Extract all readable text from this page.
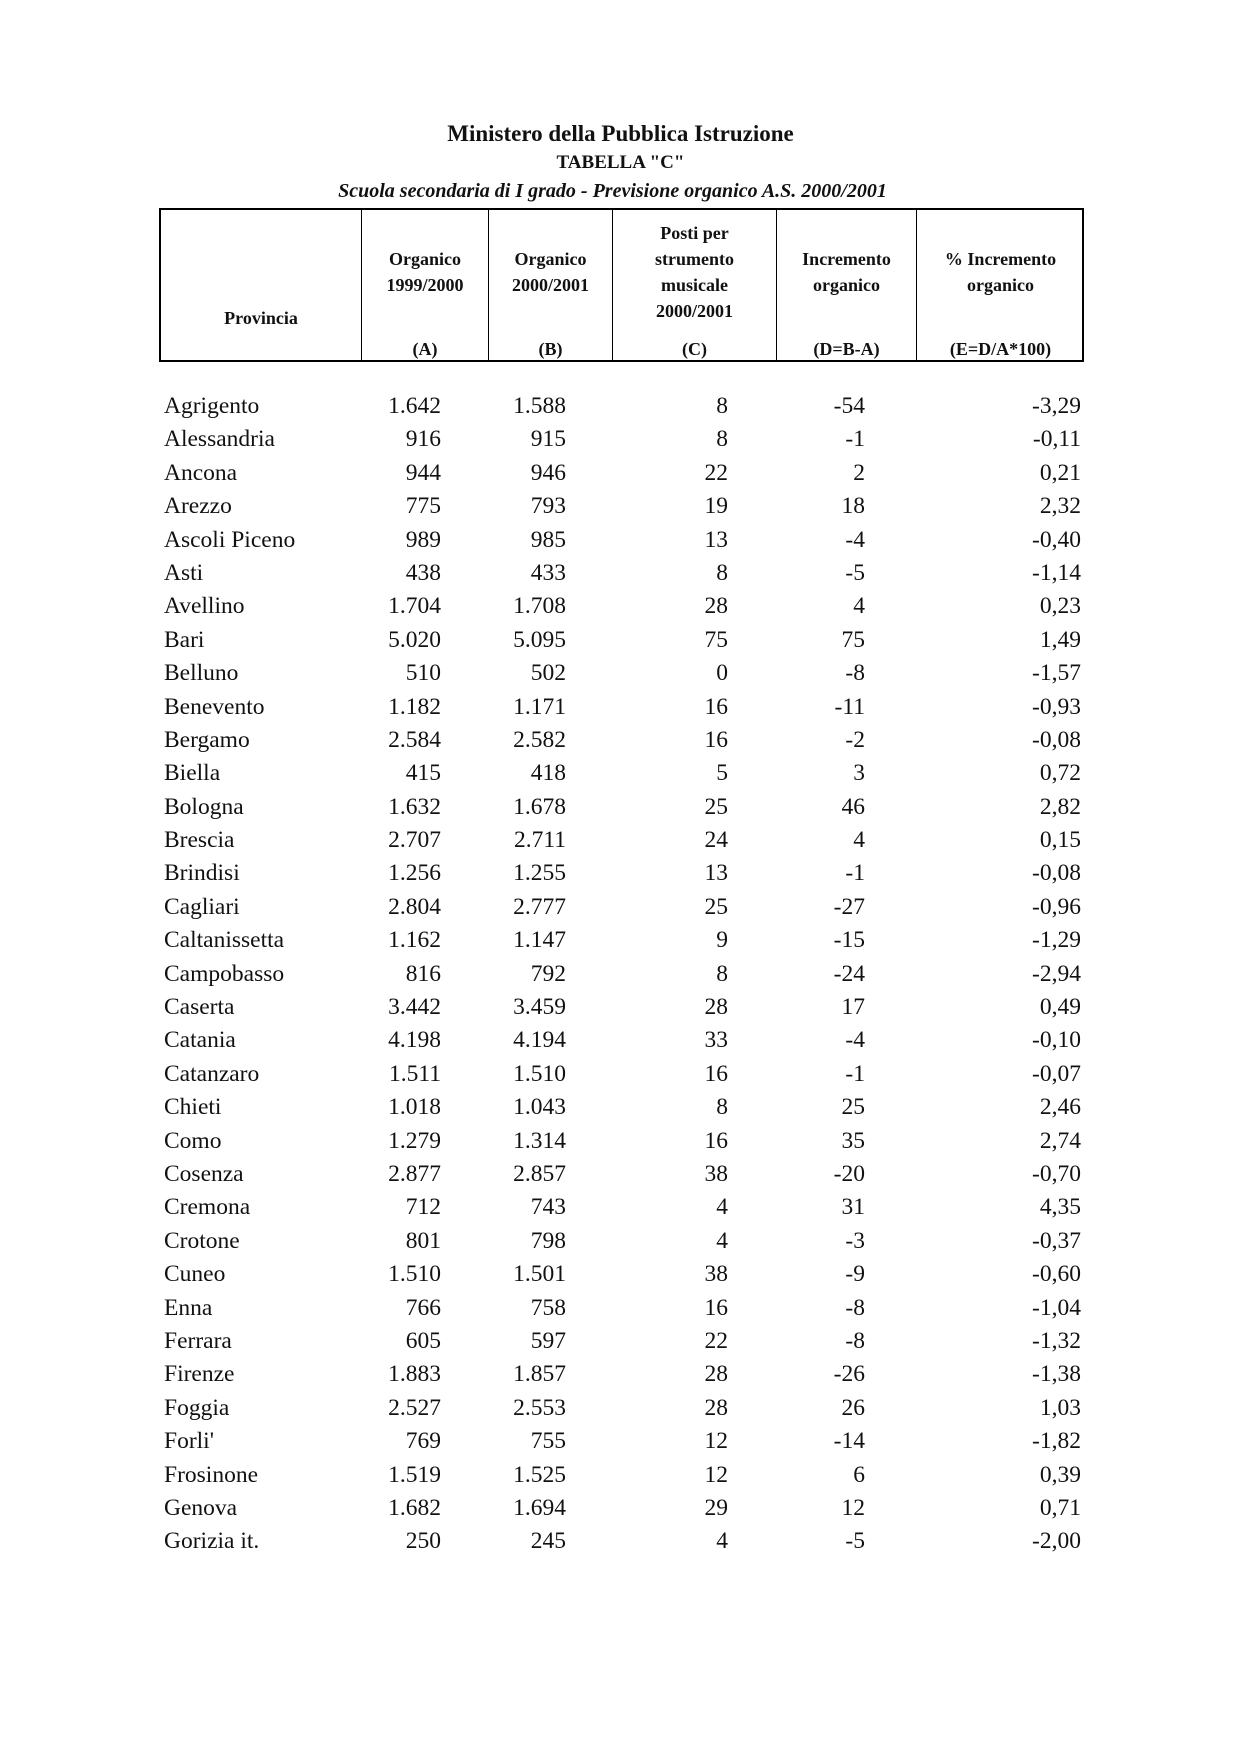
Ministero della Pubblica Istruzione
TABELLA "C"
Scuola secondaria di I grado - Previsione organico A.S. 2000/2001
Provincia
Organico
1999/2000
(A)
Organico
2000/2001
(B)
Posti per
strumento
musicale
2000/2001
(C)
Incremento
organico
(D=B-A)
% Incremento
organico
(E=D/A*100)
Agrigento	1.642	1.588	8	-54	-3,29
Alessandria	916	915	8	-1	-0,11
Ancona	944	946	22	2	0,21
Arezzo	775	793	19	18	2,32
Ascoli Piceno	989	985	13	-4	-0,40
Asti	438	433	8	-5	-1,14
Avellino	1.704	1.708	28	4	0,23
Bari	5.020	5.095	75	75	1,49
Belluno	510	502	0	-8	-1,57
Benevento	1.182	1.171	16	-11	-0,93
Bergamo	2.584	2.582	16	-2	-0,08
Biella	415	418	5	3	0,72
Bologna	1.632	1.678	25	46	2,82
Brescia	2.707	2.711	24	4	0,15
Brindisi	1.256	1.255	13	-1	-0,08
Cagliari	2.804	2.777	25	-27	-0,96
Caltanissetta	1.162	1.147	9	-15	-1,29
Campobasso	816	792	8	-24	-2,94
Caserta	3.442	3.459	28	17	0,49
Catania	4.198	4.194	33	-4	-0,10
Catanzaro	1.511	1.510	16	-1	-0,07
Chieti	1.018	1.043	8	25	2,46
Como	1.279	1.314	16	35	2,74
Cosenza	2.877	2.857	38	-20	-0,70
Cremona	712	743	4	31	4,35
Crotone	801	798	4	-3	-0,37
Cuneo	1.510	1.501	38	-9	-0,60
Enna	766	758	16	-8	-1,04
Ferrara	605	597	22	-8	-1,32
Firenze	1.883	1.857	28	-26	-1,38
Foggia	2.527	2.553	28	26	1,03
Forli'	769	755	12	-14	-1,82
Frosinone	1.519	1.525	12	6	0,39
Genova	1.682	1.694	29	12	0,71
Gorizia it.	250	245	4	-5	-2,00
